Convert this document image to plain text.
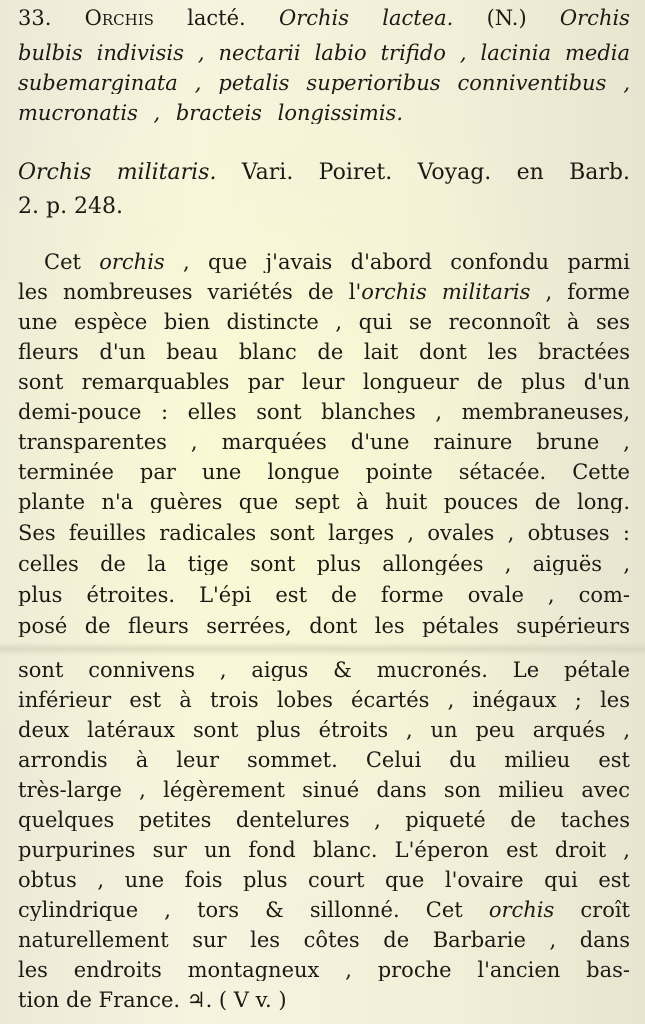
33. Orchis lacté. Orchis lactea. (N.) Orchis
bulbis indivisis , nectarii labio trifido , lacinia media
subemarginata , petalis superioribus conniventibus ,
mucronatis , bracteis longissimis.
Orchis militaris. Vari. Poiret. Voyag. en Barb.
2. p. 248.
Cet orchis , que j'avais d'abord confondu parmi
les nombreuses variétés de l'orchis militaris , forme
une espèce bien distincte , qui se reconnoît à ses
fleurs d'un beau blanc de lait dont les bractées
sont remarquables par leur longueur de plus d'un
demi-pouce : elles sont blanches , membraneuses,
transparentes , marquées d'une rainure brune ,
terminée par une longue pointe sétacée. Cette
plante n'a guères que sept à huit pouces de long.
Ses feuilles radicales sont larges , ovales , obtuses :
celles de la tige sont plus allongées , aiguës ,
plus étroites. L'épi est de forme ovale , com-
posé de fleurs serrées, dont les pétales supérieurs
sont connivens , aigus & mucronés. Le pétale
inférieur est à trois lobes écartés , inégaux ; les
deux latéraux sont plus étroits , un peu arqués ,
arrondis à leur sommet. Celui du milieu est
très-large , légèrement sinué dans son milieu avec
quelques petites dentelures , piqueté de taches
purpurines sur un fond blanc. L'éperon est droit ,
obtus , une fois plus court que l'ovaire qui est
cylindrique , tors & sillonné. Cet orchis croît
naturellement sur les côtes de Barbarie , dans
les endroits montagneux , proche l'ancien bas-
tion de France. ♃. ( V v. )
